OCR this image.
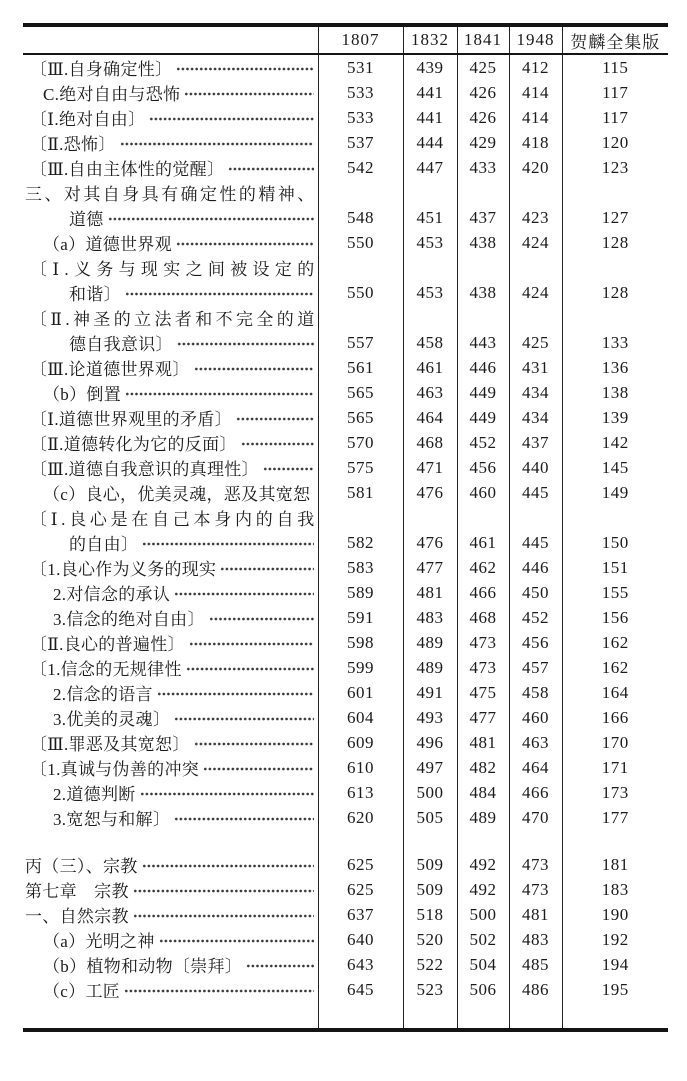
	1807	1832	1841	1948	贺麟全集版

〔Ⅲ.自身确定性〕	531	439	425	412	115

C.绝对自由与恐怖	533	441	426	414	117

〔Ⅰ.绝对自由〕	533	441	426	414	117

〔Ⅱ.恐怖〕	537	444	429	418	120

〔Ⅲ.自由主体性的觉醒〕	542	447	433	420	123

三、对其自身具有确定性的精神、					

道德	548	451	437	423	127

（a）道德世界观	550	453	438	424	128

〔Ⅰ.义务与现实之间被设定的					

和谐〕	550	453	438	424	128

〔Ⅱ.神圣的立法者和不完全的道					

德自我意识〕	557	458	443	425	133

〔Ⅲ.论道德世界观〕	561	461	446	431	136

（b）倒置	565	463	449	434	138

〔Ⅰ.道德世界观里的矛盾〕	565	464	449	434	139

〔Ⅱ.道德转化为它的反面〕	570	468	452	437	142

〔Ⅲ.道德自我意识的真理性〕	575	471	456	440	145

（c）良心，优美灵魂，恶及其宽恕	581	476	460	445	149

〔Ⅰ.良心是在自己本身内的自我					

的自由〕	582	476	461	445	150

〔1.良心作为义务的现实	583	477	462	446	151

2.对信念的承认	589	481	466	450	155

3.信念的绝对自由〕	591	483	468	452	156

〔Ⅱ.良心的普遍性〕	598	489	473	456	162

〔1.信念的无规律性	599	489	473	457	162

2.信念的语言	601	491	475	458	164

3.优美的灵魂〕	604	493	477	460	166

〔Ⅲ.罪恶及其宽恕〕	609	496	481	463	170

〔1.真诚与伪善的冲突	610	497	482	464	171

2.道德判断	613	500	484	466	173

3.宽恕与和解〕	620	505	489	470	177

丙（三）、宗教	625	509	492	473	181

第七章　宗教	625	509	492	473	183

一、自然宗教	637	518	500	481	190

（a）光明之神	640	520	502	483	192

（b）植物和动物〔崇拜〕	643	522	504	485	194

（c）工匠	645	523	506	486	195
